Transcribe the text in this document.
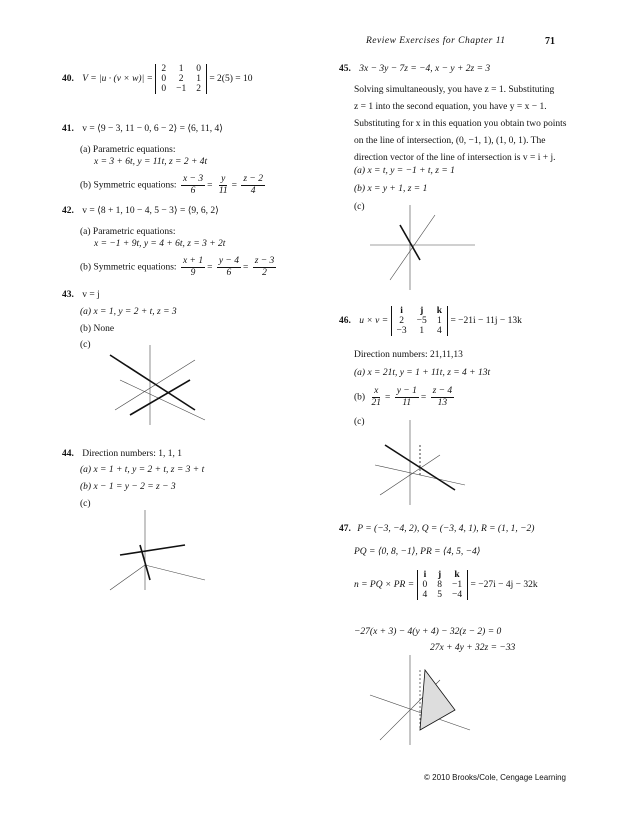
Review Exercises for Chapter 11	71
40. V = |u · (v × w)| =
2 1 0
0 2 1
0 −1 2
= 2(5) = 10
41. v = ⟨9 − 3, 11 − 0, 6 − 2⟩ = ⟨6, 11, 4⟩
(a) Parametric equations:
x = 3 + 6t, y = 11t, z = 2 + 4t
(b) Symmetric equations: $\frac{x - 3}{6} = \frac{y}{11} = \frac{z - 2}{4}$
42. v = ⟨8 + 1, 10 − 4, 5 − 3⟩ = ⟨9, 6, 2⟩
(a) Parametric equations:
x = −1 + 9t, y = 4 + 6t, z = 3 + 2t
(b) Symmetric equations: $\frac{x + 1}{9} = \frac{y - 4}{6} = \frac{z - 3}{2}$
43. v = j
(a) x = 1, y = 2 + t, z = 3
(b) None
(c)
44. Direction numbers: 1, 1, 1
(a) x = 1 + t, y = 2 + t, z = 3 + t
(b) x − 1 = y − 2 = z − 3
(c)
45. 3x − 3y − 7z = −4, x − y + 2z = 3
Solving simultaneously, you have z = 1. Substituting
z = 1 into the second equation, you have y = x − 1.
Substituting for x in this equation you obtain two points
on the line of intersection, (0, −1, 1), (1, 0, 1). The
direction vector of the line of intersection is v = i + j.
(a) x = t, y = −1 + t, z = 1
(b) x = y + 1, z = 1
(c)
46. u × v =
i	j	k
2 −5 1
−3 1 4
= −21i − 11j − 13k
Direction numbers: 21,11,13
(a) x = 21t, y = 1 + 11t, z = 4 + 13t
$(b) \frac{x}{21} = \frac{y - 1}{11} = \frac{z - 4}{13}$
(c)
47. P = (−3, −4, 2), Q = (−3, 4, 1), R = (1, 1, −2)
PQ = ⟨0, 8, −1⟩, PR = ⟨4, 5, −4⟩
n = PQ × PR =
i j k
0 8 −1
4 5 −4
= −27i − 4j − 32k
−27(x + 3) − 4(y + 4) − 32(z − 2) = 0
27x + 4y + 32z = −33
© 2010 Brooks/Cole, Cengage Learning
